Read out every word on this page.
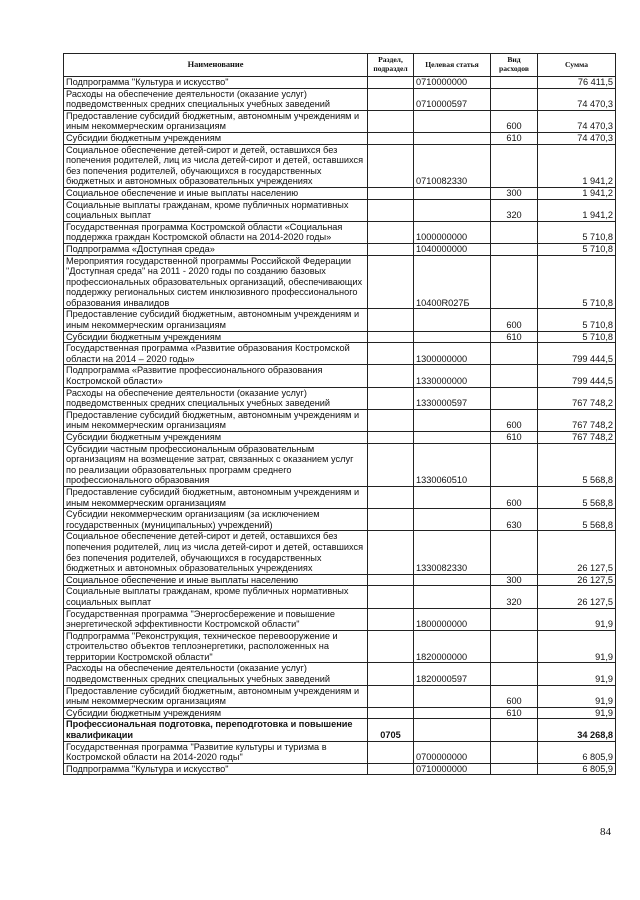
Наименование	Раздел, подраздел	Целевая статья	Вид расходов	Сумма
Подпрограмма "Культура и искусство"		0710000000		76 411,5
Расходы на обеспечение деятельности (оказание услуг) подведомственных средних специальных учебных заведений		0710000597		74 470,3
Предоставление субсидий бюджетным, автономным учреждениям и иным некоммерческим организациям			600	74 470,3
Субсидии бюджетным учреждениям			610	74 470,3
Социальное обеспечение детей-сирот и детей, оставшихся без попечения родителей, лиц из числа детей-сирот и детей, оставшихся без попечения родителей, обучающихся в государственных бюджетных и автономных образовательных учреждениях		0710082330		1 941,2
Социальное обеспечение и иные выплаты населению			300	1 941,2
Социальные выплаты гражданам, кроме публичных нормативных социальных выплат			320	1 941,2
Государственная программа Костромской области «Социальная поддержка граждан Костромской области на 2014-2020 годы»		1000000000		5 710,8
Подпрограмма «Доступная среда»		1040000000		5 710,8
Мероприятия государственной программы Российской Федерации "Доступная среда" на 2011 - 2020 годы по созданию базовых профессиональных образовательных организаций, обеспечивающих поддержку региональных систем инклюзивного профессионального образования инвалидов		10400R027Б		5 710,8
Предоставление субсидий бюджетным, автономным учреждениям и иным некоммерческим организациям			600	5 710,8
Субсидии бюджетным учреждениям			610	5 710,8
Государственная программа «Развитие образования Костромской области на 2014 – 2020 годы»		1300000000		799 444,5
Подпрограмма «Развитие профессионального образования Костромской области»		1330000000		799 444,5
Расходы на обеспечение деятельности (оказание услуг) подведомственных средних специальных учебных заведений		1330000597		767 748,2
Предоставление субсидий бюджетным, автономным учреждениям и иным некоммерческим организациям			600	767 748,2
Субсидии бюджетным учреждениям			610	767 748,2
Субсидии частным профессиональным образовательным организациям на возмещение затрат, связанных с оказанием услуг по реализации образовательных программ среднего профессионального образования		1330060510		5 568,8
Предоставление субсидий бюджетным, автономным учреждениям и иным некоммерческим организациям			600	5 568,8
Субсидии некоммерческим организациям (за исключением государственных (муниципальных) учреждений)			630	5 568,8
Социальное обеспечение детей-сирот и детей, оставшихся без попечения родителей, лиц из числа детей-сирот и детей, оставшихся без попечения родителей, обучающихся в государственных бюджетных и автономных образовательных учреждениях		1330082330		26 127,5
Социальное обеспечение и иные выплаты населению			300	26 127,5
Социальные выплаты гражданам, кроме публичных нормативных социальных выплат			320	26 127,5
Государственная программа "Энергосбережение и повышение энергетической эффективности Костромской области"		1800000000		91,9
Подпрограмма "Реконструкция, техническое перевооружение и строительство объектов теплоэнергетики, расположенных на территории Костромской области"		1820000000		91,9
Расходы на обеспечение деятельности (оказание услуг) подведомственных средних специальных учебных заведений		1820000597		91,9
Предоставление субсидий бюджетным, автономным учреждениям и иным некоммерческим организациям			600	91,9
Субсидии бюджетным учреждениям			610	91,9
Профессиональная подготовка, переподготовка и повышение квалификации	0705			34 268,8
Государственная программа "Развитие культуры и туризма в Костромской области на 2014-2020 годы"		0700000000		6 805,9
Подпрограмма "Культура и искусство"		0710000000		6 805,9
84
